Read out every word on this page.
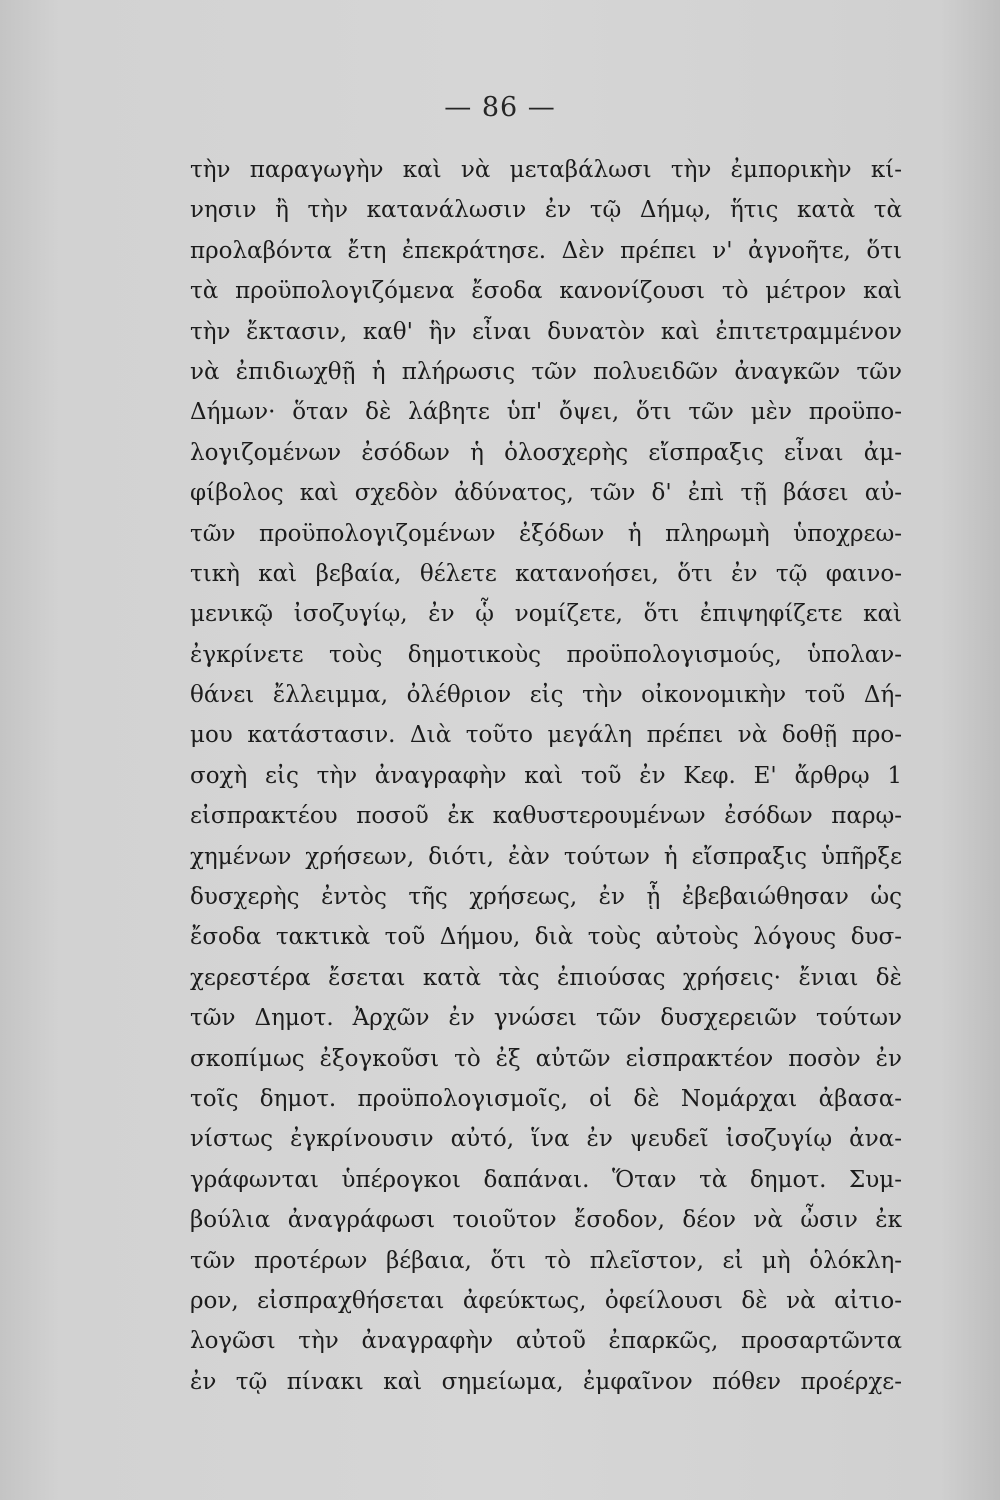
— 86 —
τὴν παραγωγὴν καὶ νὰ μεταβάλωσι τὴν ἐμπορικὴν κί-
νησιν ἢ τὴν κατανάλωσιν ἐν τῷ Δήμῳ, ἥτις κατὰ τὰ
προλαβόντα ἔτη ἐπεκράτησε. Δὲν πρέπει ν' ἀγνοῆτε, ὅτι
τὰ προϋπολογιζόμενα ἔσοδα κανονίζουσι τὸ μέτρον καὶ
τὴν ἔκτασιν, καθ' ἣν εἶναι δυνατὸν καὶ ἐπιτετραμμένον
νὰ ἐπιδιωχθῇ ἡ πλήρωσις τῶν πολυειδῶν ἀναγκῶν τῶν
Δήμων· ὅταν δὲ λάβητε ὑπ' ὄψει, ὅτι τῶν μὲν προϋπο-
λογιζομένων ἐσόδων ἡ ὁλοσχερὴς εἴσπραξις εἶναι ἀμ-
φίβολος καὶ σχεδὸν ἀδύνατος, τῶν δ' ἐπὶ τῇ βάσει αὐ-
τῶν προϋπολογιζομένων ἐξόδων ἡ πληρωμὴ ὑποχρεω-
τικὴ καὶ βεβαία, θέλετε κατανοήσει, ὅτι ἐν τῷ φαινο-
μενικῷ ἰσοζυγίῳ, ἐν ᾧ νομίζετε, ὅτι ἐπιψηφίζετε καὶ
ἐγκρίνετε τοὺς δημοτικοὺς προϋπολογισμούς, ὑπολαν-
θάνει ἔλλειμμα, ὀλέθριον εἰς τὴν οἰκονομικὴν τοῦ Δή-
μου κατάστασιν. Διὰ τοῦτο μεγάλη πρέπει νὰ δοθῇ προ-
σοχὴ εἰς τὴν ἀναγραφὴν καὶ τοῦ ἐν Κεφ. Ε' ἄρθρῳ 1
εἰσπρακτέου ποσοῦ ἐκ καθυστερουμένων ἐσόδων παρῳ-
χημένων χρήσεων, διότι, ἐὰν τούτων ἡ εἴσπραξις ὑπῆρξε
δυσχερὴς ἐντὸς τῆς χρήσεως, ἐν ᾗ ἐβεβαιώθησαν ὡς
ἔσοδα τακτικὰ τοῦ Δήμου, διὰ τοὺς αὐτοὺς λόγους δυσ-
χερεστέρα ἔσεται κατὰ τὰς ἐπιούσας χρήσεις· ἔνιαι δὲ
τῶν Δημοτ. Ἀρχῶν ἐν γνώσει τῶν δυσχερειῶν τούτων
σκοπίμως ἐξογκοῦσι τὸ ἐξ αὐτῶν εἰσπρακτέον ποσὸν ἐν
τοῖς δημοτ. προϋπολογισμοῖς, οἱ δὲ Νομάρχαι ἀβασα-
νίστως ἐγκρίνουσιν αὐτό, ἵνα ἐν ψευδεῖ ἰσοζυγίῳ ἀνα-
γράφωνται ὑπέρογκοι δαπάναι. Ὅταν τὰ δημοτ. Συμ-
βούλια ἀναγράφωσι τοιοῦτον ἔσοδον, δέον νὰ ὦσιν ἐκ
τῶν προτέρων βέβαια, ὅτι τὸ πλεῖστον, εἰ μὴ ὁλόκλη-
ρον, εἰσπραχθήσεται ἀφεύκτως, ὀφείλουσι δὲ νὰ αἰτιο-
λογῶσι τὴν ἀναγραφὴν αὐτοῦ ἐπαρκῶς, προσαρτῶντα
ἐν τῷ πίνακι καὶ σημείωμα, ἐμφαῖνον πόθεν προέρχε-
